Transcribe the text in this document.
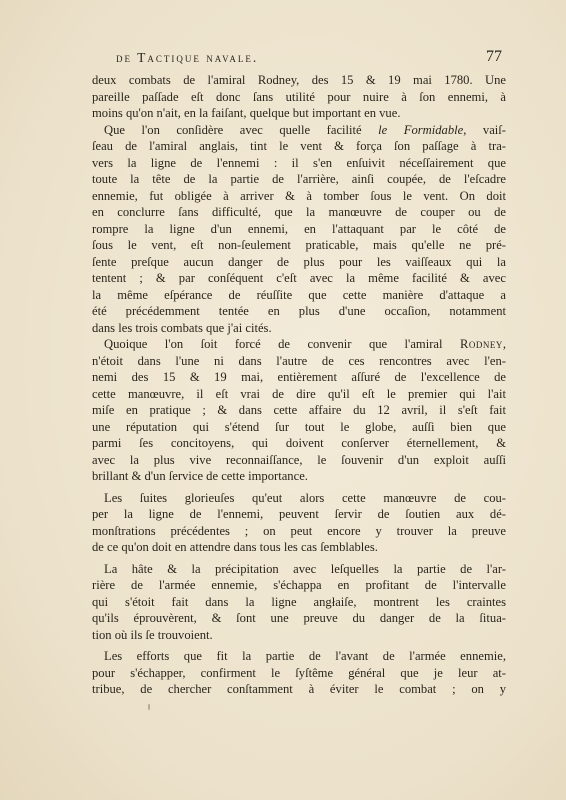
de Tactique navale.	77
deux combats de l'amiral Rodney, des 15 & 19 mai 1780. Une
pareille paſſade eſt donc ſans utilité pour nuire à ſon ennemi, à
moins qu'on n'ait, en la faiſant, quelque but important en vue.
Que l'on conſidère avec quelle facilité le Formidable, vaiſ-
ſeau de l'amiral anglais, tint le vent & força ſon paſſage à tra-
vers la ligne de l'ennemi : il s'en enſuivit néceſſairement que
toute la tête de la partie de l'arrière, ainſi coupée, de l'eſcadre
ennemie, fut obligée à arriver & à tomber ſous le vent. On doit
en conclurre ſans difficulté, que la manœuvre de couper ou de
rompre la ligne d'un ennemi, en l'attaquant par le côté de
ſous le vent, eſt non-ſeulement praticable, mais qu'elle ne pré-
ſente preſque aucun danger de plus pour les vaiſſeaux qui la
tentent ; & par conſéquent c'eſt avec la même facilité & avec
la même eſpérance de réuſſite que cette manière d'attaque a
été précédemment tentée en plus d'une occaſion, notamment
dans les trois combats que j'ai cités.
Quoique l'on ſoit forcé de convenir que l'amiral Rodney,
n'étoit dans l'une ni dans l'autre de ces rencontres avec l'en-
nemi des 15 & 19 mai, entièrement aſſuré de l'excellence de
cette manœuvre, il eſt vrai de dire qu'il eſt le premier qui l'ait
miſe en pratique ; & dans cette affaire du 12 avril, il s'eſt fait
une réputation qui s'étend ſur tout le globe, auſſi bien que
parmi ſes concitoyens, qui doivent conſerver éternellement, &
avec la plus vive reconnaiſſance, le ſouvenir d'un exploit auſſi
brillant & d'un ſervice de cette importance.
Les ſuites glorieuſes qu'eut alors cette manœuvre de cou-
per la ligne de l'ennemi, peuvent ſervir de ſoutien aux dé-
monſtrations précédentes ; on peut encore y trouver la preuve
de ce qu'on doit en attendre dans tous les cas ſemblables.
La hâte & la précipitation avec leſquelles la partie de l'ar-
rière de l'armée ennemie, s'échappa en profitant de l'intervalle
qui s'étoit fait dans la ligne angłaiſe, montrent les craintes
qu'ils éprouvèrent, & ſont une preuve du danger de la ſitua-
tion où ils ſe trouvoient.
Les efforts que fit la partie de l'avant de l'armée ennemie,
pour s'échapper, confirment le ſyſtême général que je leur at-
tribue, de chercher conſtamment à éviter le combat ; on y
